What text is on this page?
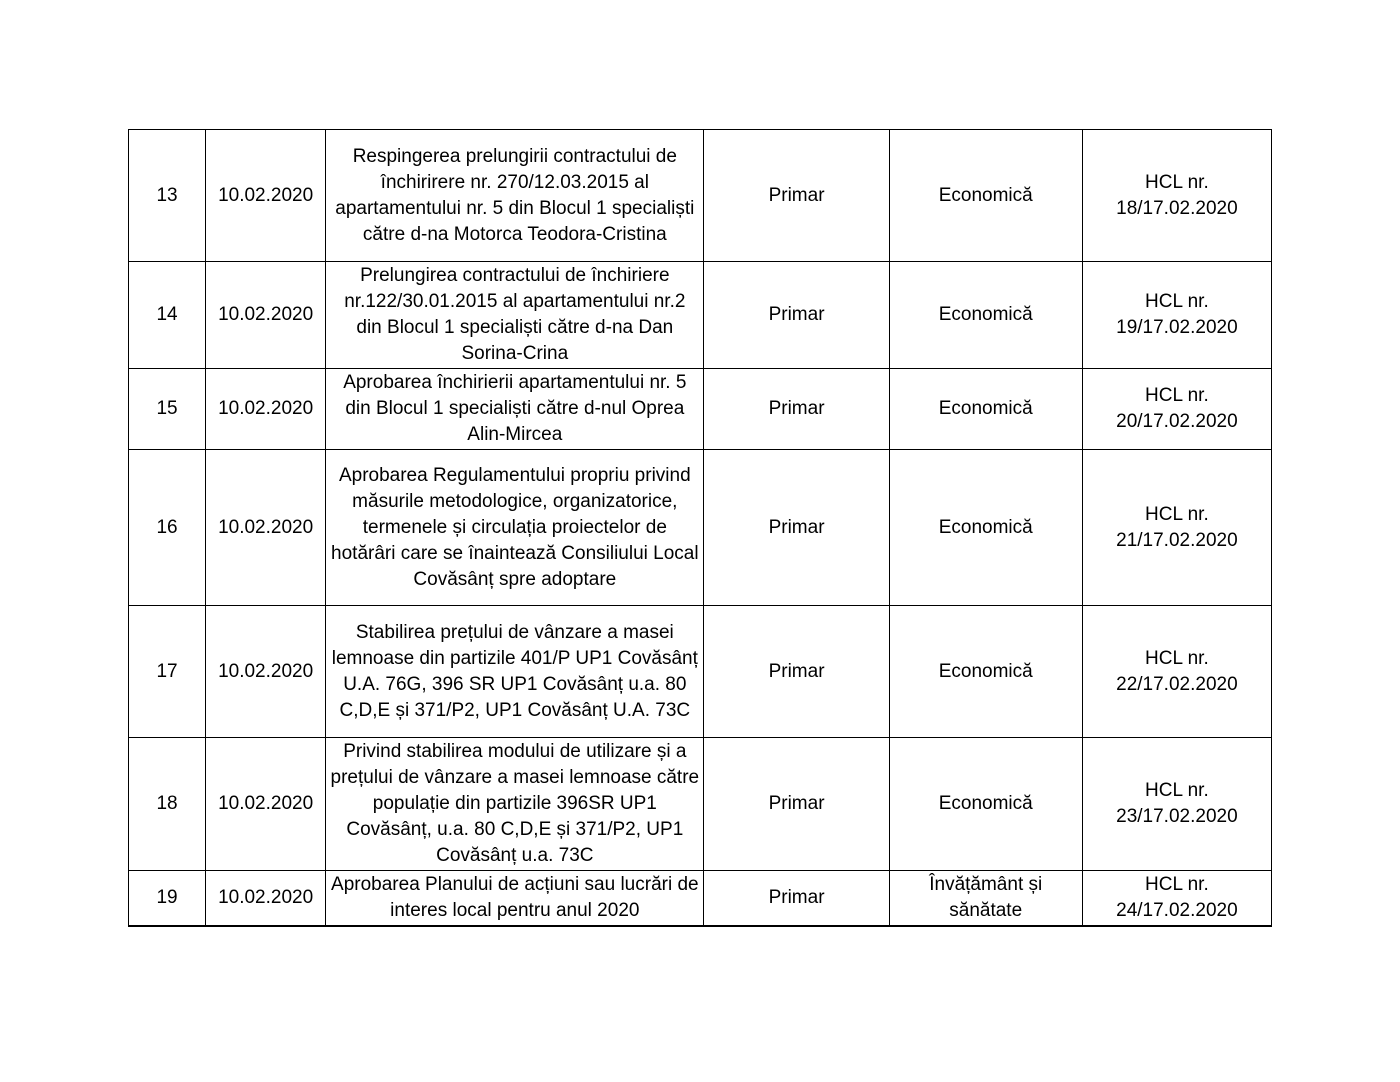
13	10.02.2020	Respingerea prelungirii contractului de închirirere nr. 270/12.03.2015 al apartamentului nr. 5 din Blocul 1 specialiști către d-na Motorca Teodora-Cristina	Primar	Economică	HCL nr.
18/17.02.2020

14	10.02.2020	Prelungirea contractului de închiriere nr.122/30.01.2015 al apartamentului nr.2 din Blocul 1 specialiști către d-na Dan Sorina-Crina	Primar	Economică	HCL nr.
19/17.02.2020

15	10.02.2020	Aprobarea închirierii apartamentului nr. 5 din Blocul 1 specialiști către d-nul Oprea Alin-Mircea	Primar	Economică	HCL nr.
20/17.02.2020

16	10.02.2020	Aprobarea Regulamentului propriu privind măsurile metodologice, organizatorice, termenele și circulația proiectelor de hotărâri care se înaintează Consiliului Local Covăsânț spre adoptare	Primar	Economică	HCL nr.
21/17.02.2020

17	10.02.2020	Stabilirea prețului de vânzare a masei lemnoase din partizile 401/P UP1 Covăsânț U.A. 76G, 396 SR UP1 Covăsânț u.a. 80 C,D,E și 371/P2, UP1 Covăsânț U.A. 73C	Primar	Economică	HCL nr.
22/17.02.2020

18	10.02.2020	Privind stabilirea modului de utilizare și a prețului de vânzare a masei lemnoase către populație din partizile 396SR UP1 Covăsânț, u.a. 80 C,D,E și 371/P2, UP1 Covăsânț u.a. 73C	Primar	Economică	HCL nr.
23/17.02.2020

19	10.02.2020	Aprobarea Planului de acțiuni sau lucrări de interes local pentru anul 2020	Primar	Învățământ și sănătate	HCL nr.
24/17.02.2020
